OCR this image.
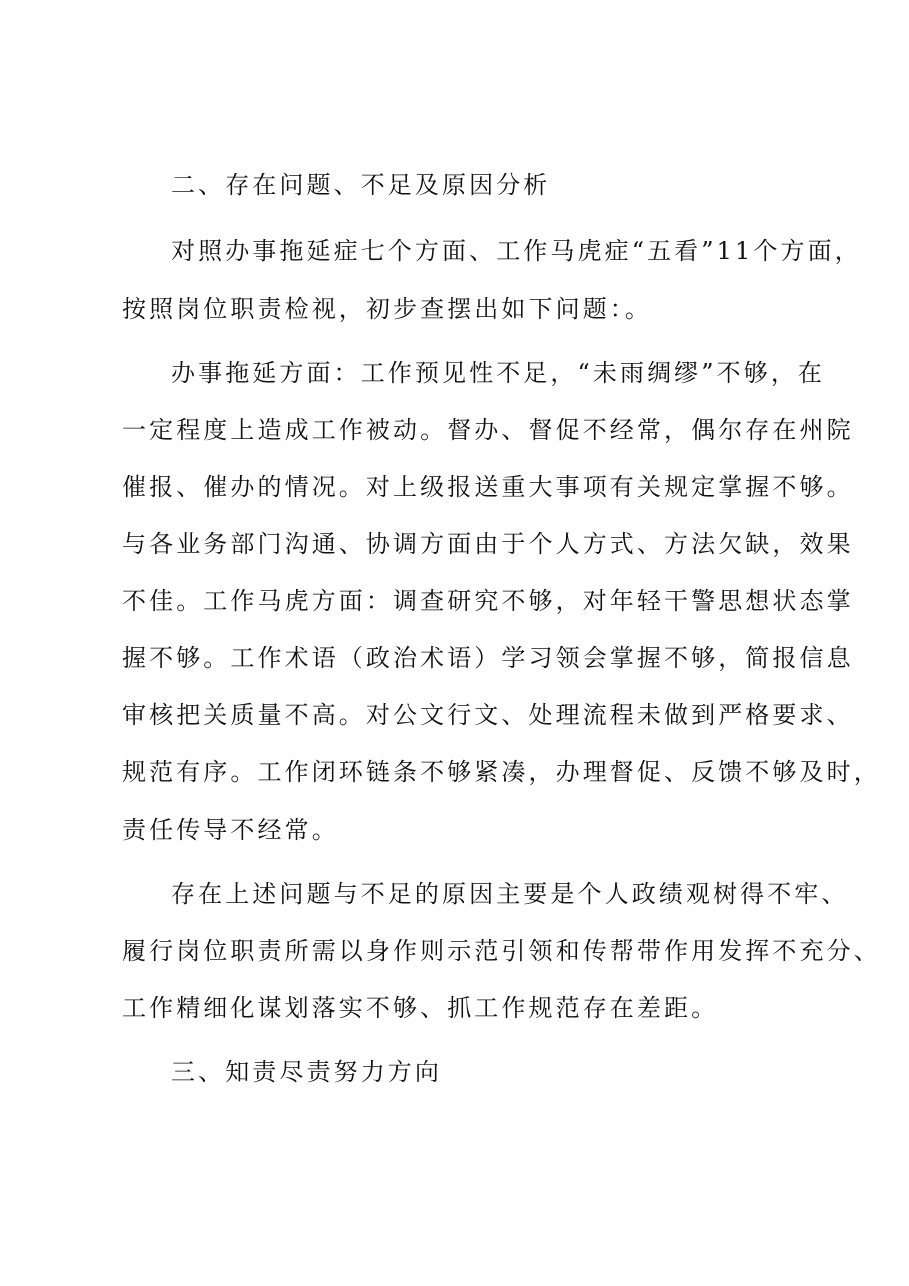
二、存在问题、不足及原因分析

对照办事拖延症七个方面、工作马虎症“五看”11个方面，

按照岗位职责检视，初步查摆出如下问题：。

办事拖延方面：工作预见性不足，“未雨绸缪”不够，在

一定程度上造成工作被动。督办、督促不经常，偶尔存在州院

催报、催办的情况。对上级报送重大事项有关规定掌握不够。

与各业务部门沟通、协调方面由于个人方式、方法欠缺，效果

不佳。工作马虎方面：调查研究不够，对年轻干警思想状态掌

握不够。工作术语（政治术语）学习领会掌握不够，简报信息

审核把关质量不高。对公文行文、处理流程未做到严格要求、

规范有序。工作闭环链条不够紧凑，办理督促、反馈不够及时，

责任传导不经常。

存在上述问题与不足的原因主要是个人政绩观树得不牢、

履行岗位职责所需以身作则示范引领和传帮带作用发挥不充分、

工作精细化谋划落实不够、抓工作规范存在差距。

三、知责尽责努力方向
